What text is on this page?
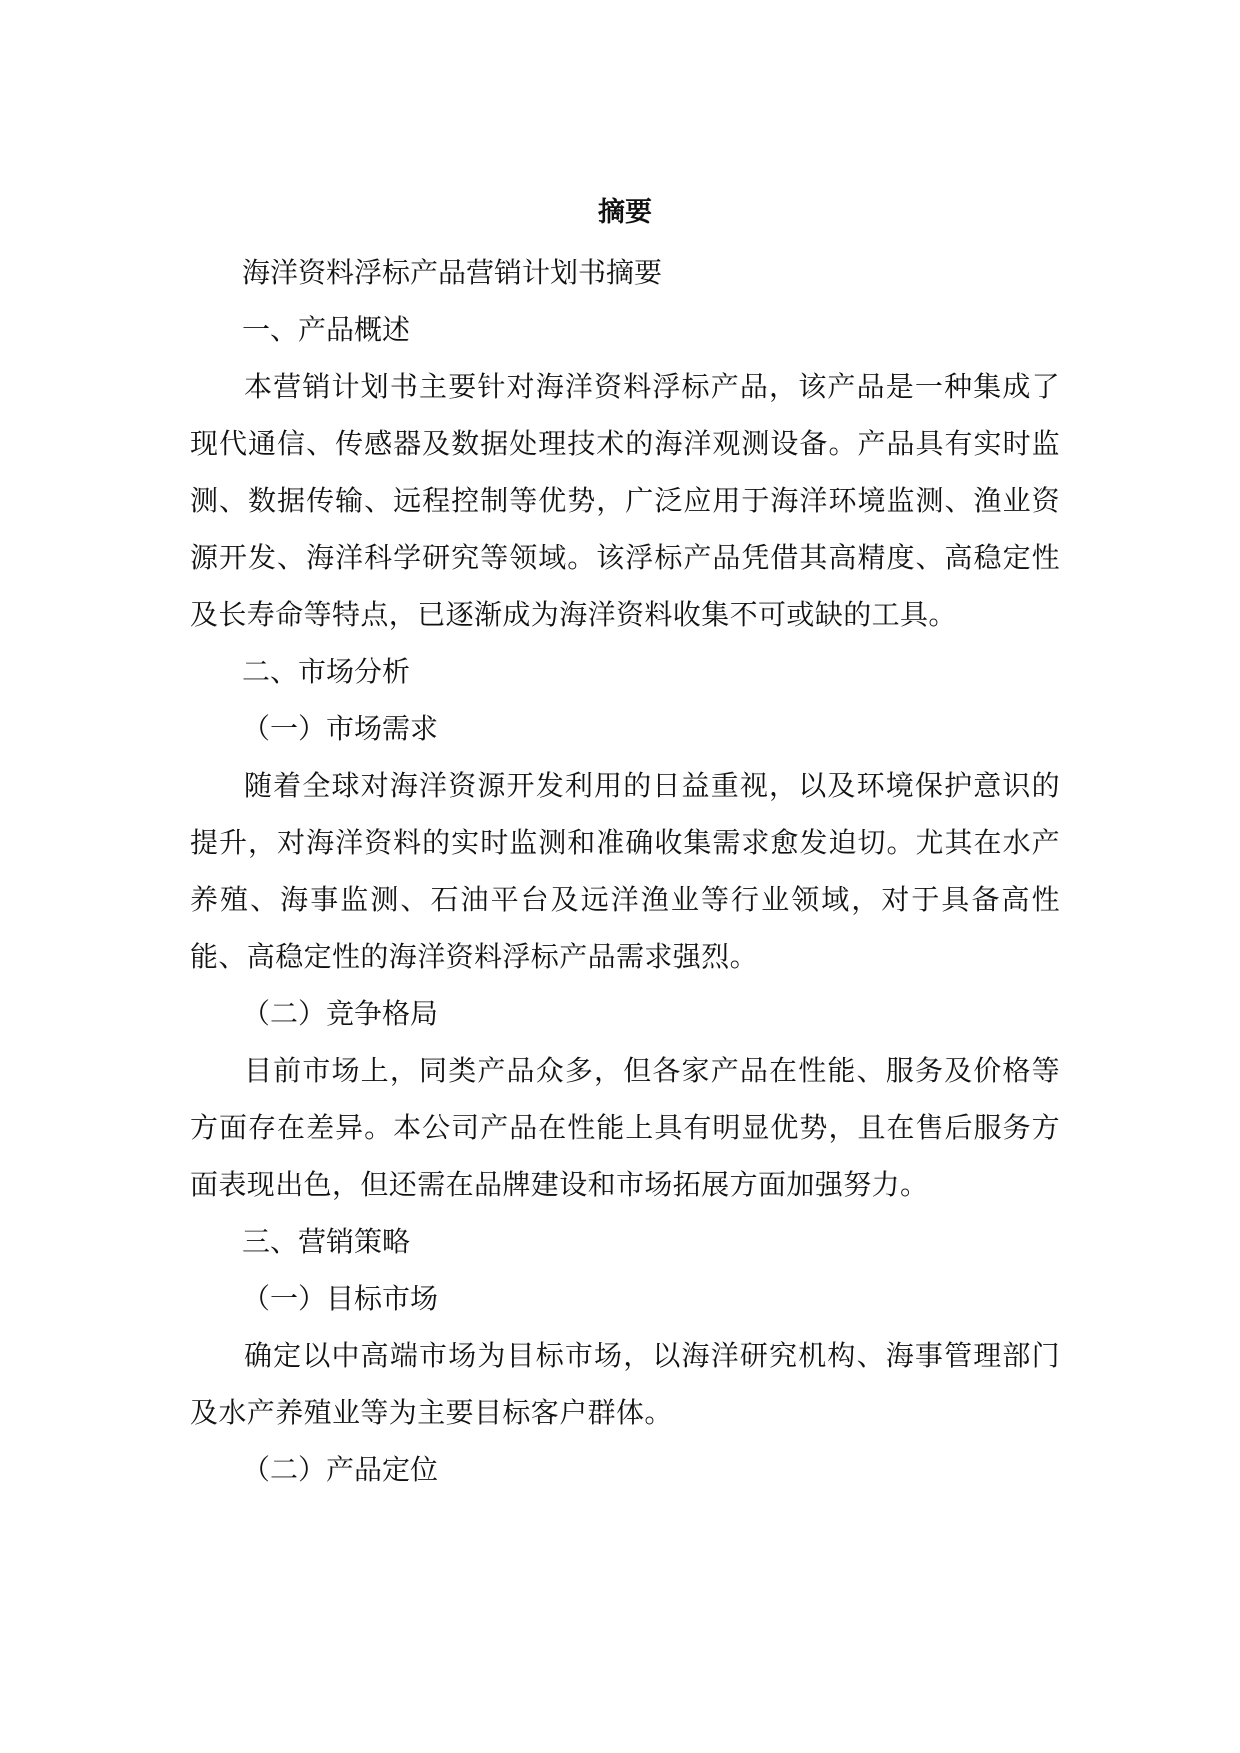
摘要

海洋资料浮标产品营销计划书摘要

一、产品概述

本营销计划书主要针对海洋资料浮标产品，该产品是一种集成了现代通信、传感器及数据处理技术的海洋观测设备。产品具有实时监测、数据传输、远程控制等优势，广泛应用于海洋环境监测、渔业资源开发、海洋科学研究等领域。该浮标产品凭借其高精度、高稳定性及长寿命等特点，已逐渐成为海洋资料收集不可或缺的工具。

二、市场分析

（一）市场需求

随着全球对海洋资源开发利用的日益重视，以及环境保护意识的提升，对海洋资料的实时监测和准确收集需求愈发迫切。尤其在水产养殖、海事监测、石油平台及远洋渔业等行业领域，对于具备高性能、高稳定性的海洋资料浮标产品需求强烈。

（二）竞争格局

目前市场上，同类产品众多，但各家产品在性能、服务及价格等方面存在差异。本公司产品在性能上具有明显优势，且在售后服务方面表现出色，但还需在品牌建设和市场拓展方面加强努力。

三、营销策略

（一）目标市场

确定以中高端市场为目标市场，以海洋研究机构、海事管理部门及水产养殖业等为主要目标客户群体。

（二）产品定位
